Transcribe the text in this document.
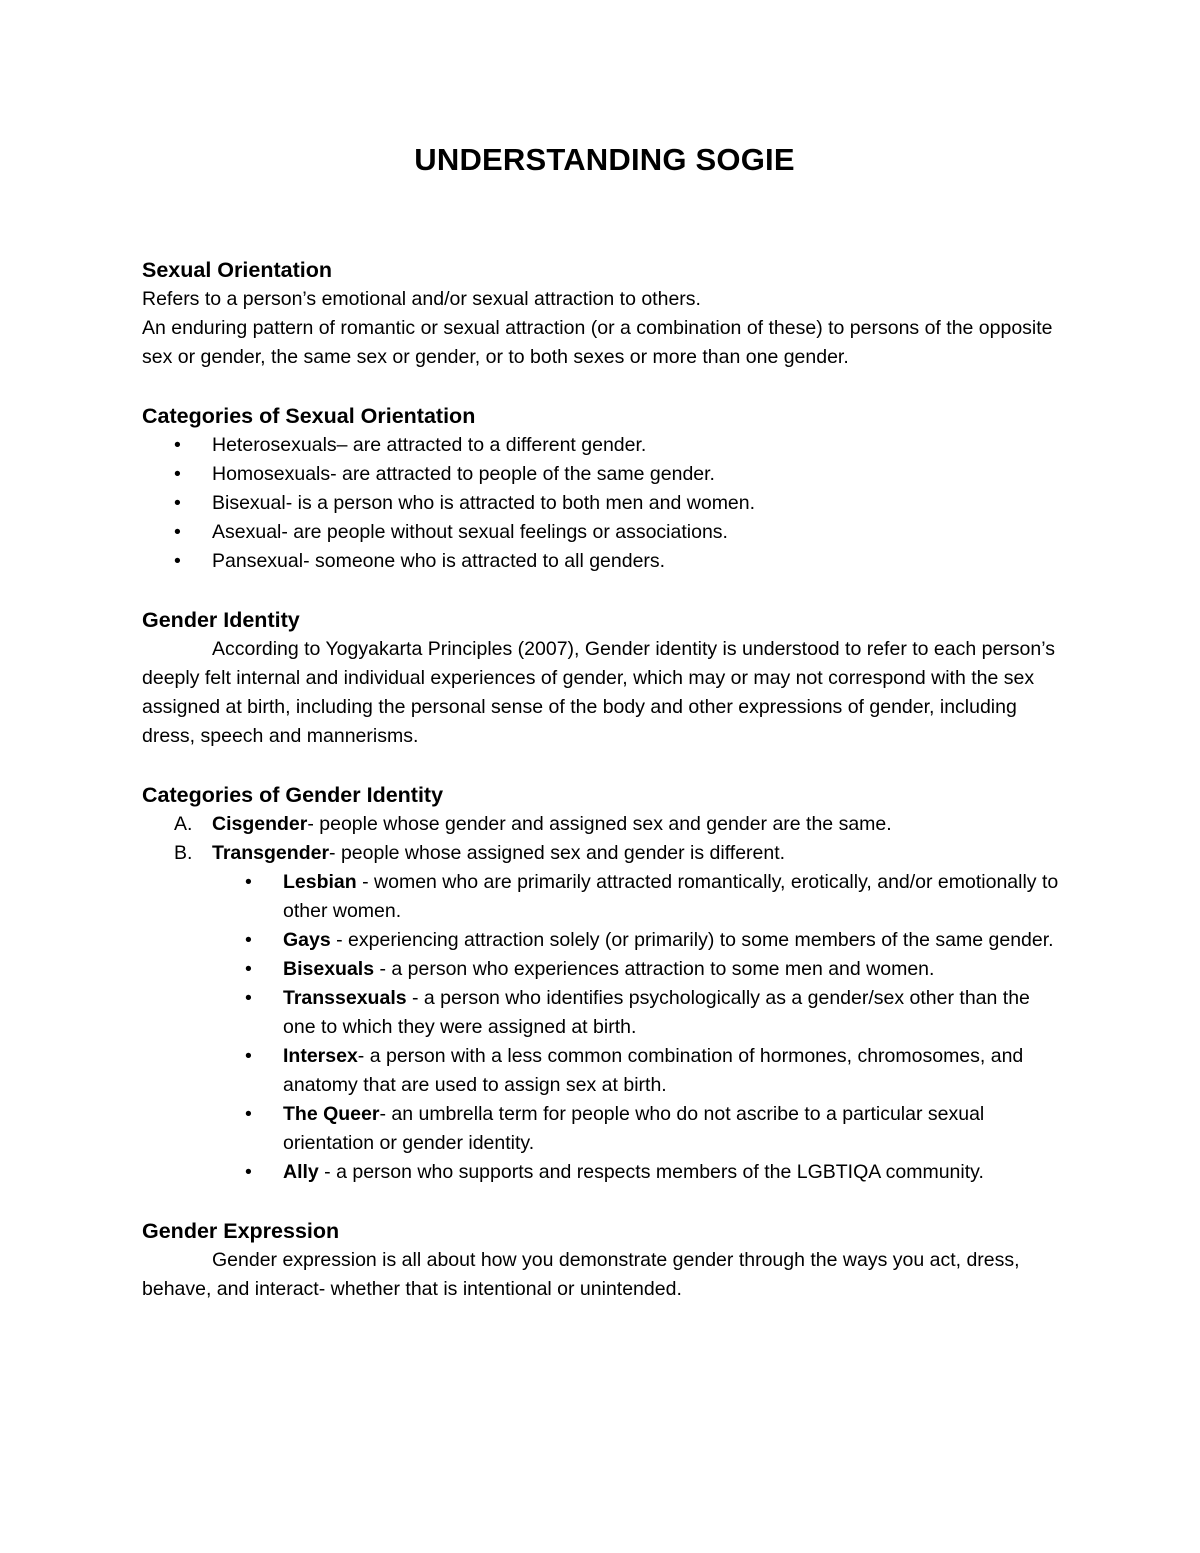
UNDERSTANDING SOGIE
Sexual Orientation

Refers to a person’s emotional and/or sexual attraction to others.

An enduring pattern of romantic or sexual attraction (or a combination of these) to persons of the opposite sex or gender, the same sex or gender, or to both sexes or more than one gender.

Categories of Sexual Orientation
• Heterosexuals– are attracted to a different gender.
• Homosexuals- are attracted to people of the same gender.
• Bisexual- is a person who is attracted to both men and women.
• Asexual- are people without sexual feelings or associations.
• Pansexual- someone who is attracted to all genders.
Gender Identity

According to Yogyakarta Principles (2007), Gender identity is understood to refer to each person’s deeply felt internal and individual experiences of gender, which may or may not correspond with the sex assigned at birth, including the personal sense of the body and other expressions of gender, including dress, speech and mannerisms.

Categories of Gender Identity
A. Cisgender- people whose gender and assigned sex and gender are the same.
B. Transgender- people whose assigned sex and gender is different.
• Lesbian - women who are primarily attracted romantically, erotically, and/or emotionally to other women.
• Gays - experiencing attraction solely (or primarily) to some members of the same gender.
• Bisexuals - a person who experiences attraction to some men and women.
• Transsexuals - a person who identifies psychologically as a gender/sex other than the one to which they were assigned at birth.
• Intersex- a person with a less common combination of hormones, chromosomes, and anatomy that are used to assign sex at birth.
• The Queer- an umbrella term for people who do not ascribe to a particular sexual orientation or gender identity.
• Ally - a person who supports and respects members of the LGBTIQA community.
Gender Expression

Gender expression is all about how you demonstrate gender through the ways you act, dress, behave, and interact- whether that is intentional or unintended.
